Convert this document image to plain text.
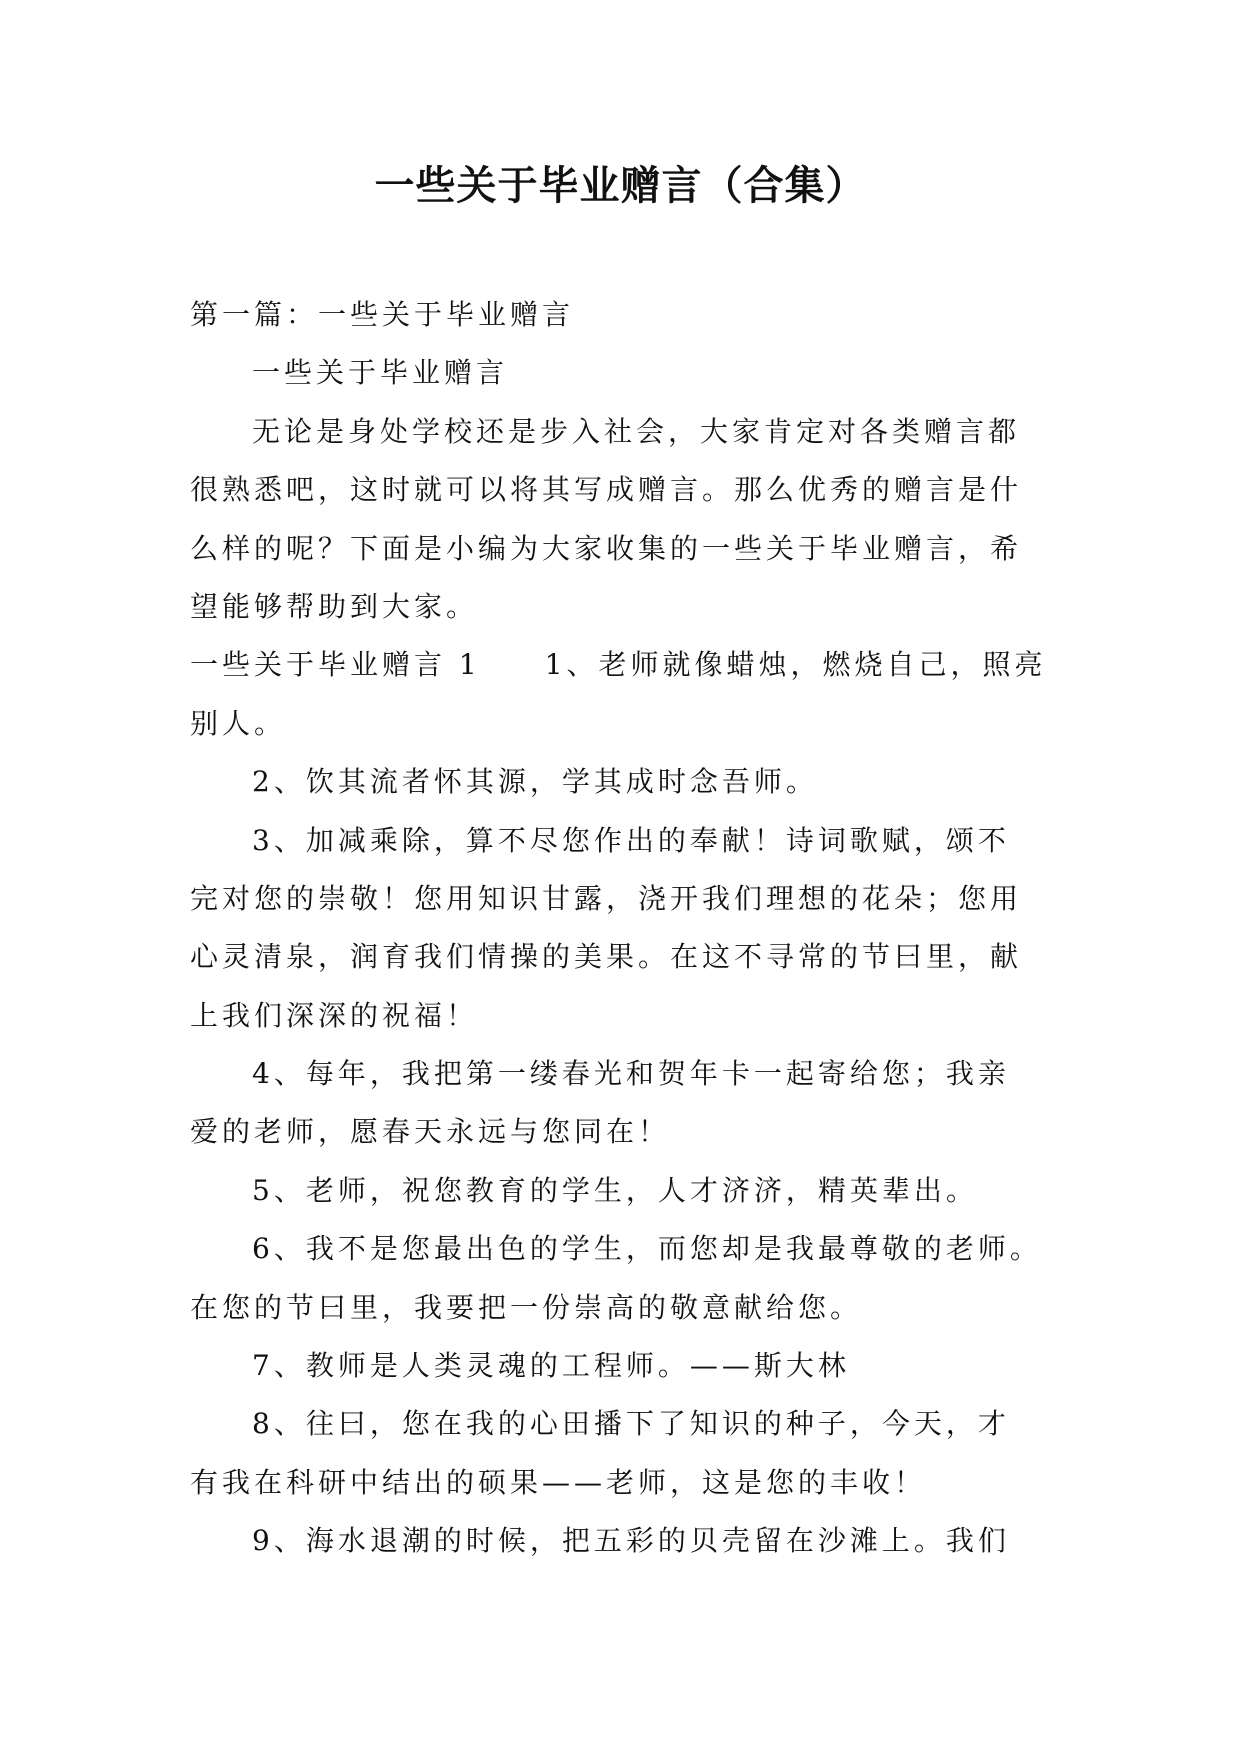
一些关于毕业赠言（合集）
第一篇：一些关于毕业赠言
一些关于毕业赠言
无论是身处学校还是步入社会，大家肯定对各类赠言都
很熟悉吧，这时就可以将其写成赠言。那么优秀的赠言是什
么样的呢？下面是小编为大家收集的一些关于毕业赠言，希
望能够帮助到大家。
一些关于毕业赠言 1　　1、老师就像蜡烛，燃烧自己，照亮
别人。
2、饮其流者怀其源，学其成时念吾师。
3、加减乘除，算不尽您作出的奉献！诗词歌赋，颂不
完对您的崇敬！您用知识甘露，浇开我们理想的花朵；您用
心灵清泉，润育我们情操的美果。在这不寻常的节曰里，献
上我们深深的祝福！
4、每年，我把第一缕春光和贺年卡一起寄给您；我亲
爱的老师，愿春天永远与您同在！
5、老师，祝您教育的学生，人才济济，精英辈出。
6、我不是您最出色的学生，而您却是我最尊敬的老师。
在您的节曰里，我要把一份崇高的敬意献给您。
7、教师是人类灵魂的工程师。——斯大林
8、往曰，您在我的心田播下了知识的种子，今天，才
有我在科研中结出的硕果——老师，这是您的丰收！
9、海水退潮的时候，把五彩的贝壳留在沙滩上。我们
